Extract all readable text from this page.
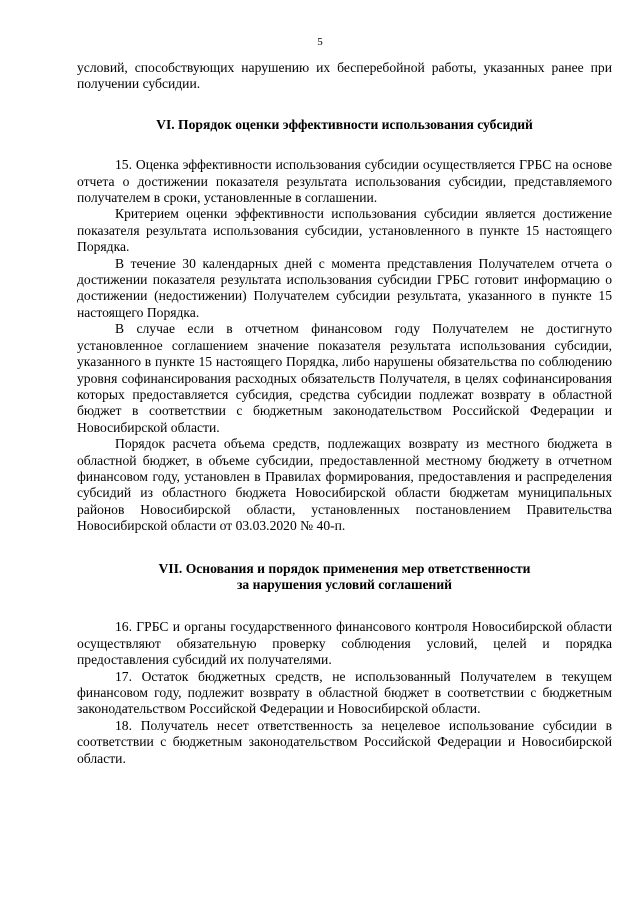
5

условий, способствующих нарушению их бесперебойной работы, указанных ранее при получении субсидии.

VI. Порядок оценки эффективности использования субсидий

15. Оценка эффективности использования субсидии осуществляется ГРБС на основе отчета о достижении показателя результата использования субсидии, представляемого получателем в сроки, установленные в соглашении.

Критерием оценки эффективности использования субсидии является достижение показателя результата использования субсидии, установленного в пункте 15 настоящего Порядка.

В течение 30 календарных дней с момента представления Получателем отчета о достижении показателя результата использования субсидии ГРБС готовит информацию о достижении (недостижении) Получателем субсидии результата, указанного в пункте 15 настоящего Порядка.

В случае если в отчетном финансовом году Получателем не достигнуто установленное соглашением значение показателя результата использования субсидии, указанного в пункте 15 настоящего Порядка, либо нарушены обязательства по соблюдению уровня софинансирования расходных обязательств Получателя, в целях софинансирования которых предоставляется субсидия, средства субсидии подлежат возврату в областной бюджет в соответствии с бюджетным законодательством Российской Федерации и Новосибирской области.

Порядок расчета объема средств, подлежащих возврату из местного бюджета в областной бюджет, в объеме субсидии, предоставленной местному бюджету в отчетном финансовом году, установлен в Правилах формирования, предоставления и распределения субсидий из областного бюджета Новосибирской области бюджетам муниципальных районов Новосибирской области, установленных постановлением Правительства Новосибирской области от 03.03.2020 № 40-п.

VII. Основания и порядок применения мер ответственности
за нарушения условий соглашений

16. ГРБС и органы государственного финансового контроля Новосибирской области осуществляют обязательную проверку соблюдения условий, целей и порядка предоставления субсидий их получателями.

17. Остаток бюджетных средств, не использованный Получателем в текущем финансовом году, подлежит возврату в областной бюджет в соответствии с бюджетным законодательством Российской Федерации и Новосибирской области.

18. Получатель несет ответственность за нецелевое использование субсидии в соответствии с бюджетным законодательством Российской Федерации и Новосибирской области.
